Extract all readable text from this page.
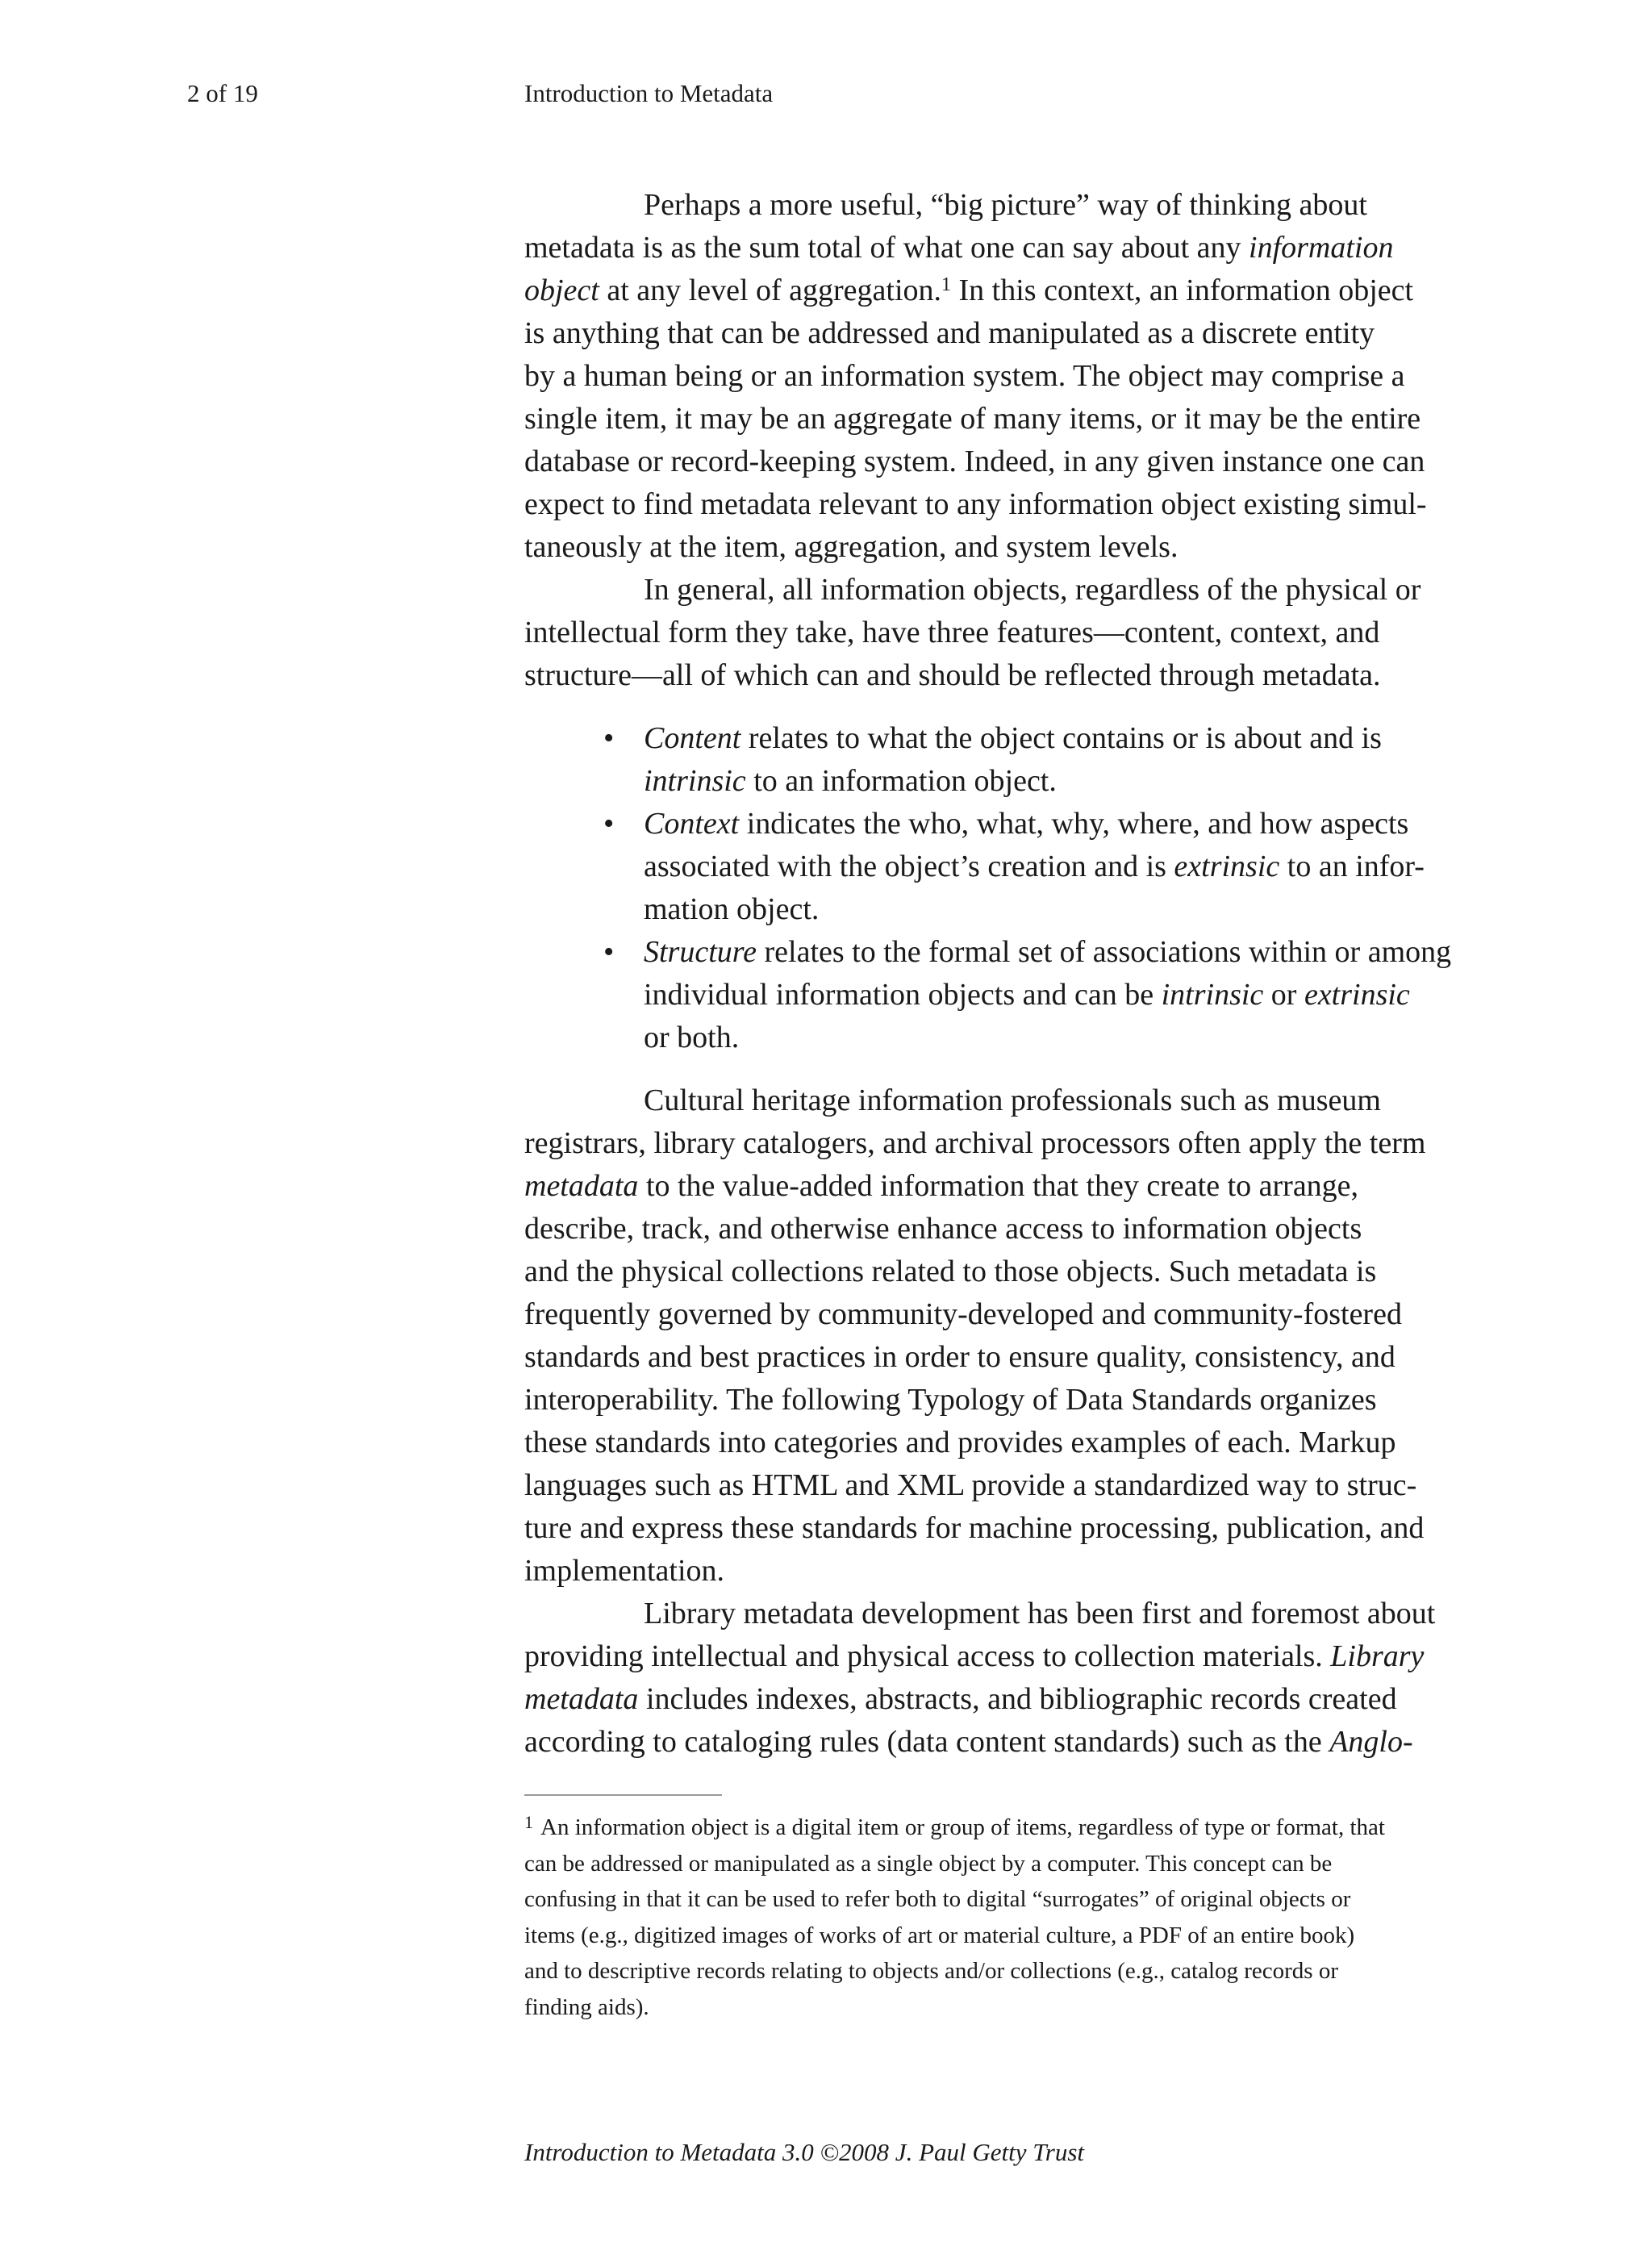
2 of 19	Introduction to Metadata

Perhaps a more useful, “big picture” way of thinking about
metadata is as the sum total of what one can say about any information
object at any level of aggregation.$^1$ In this context, an information object
is anything that can be addressed and manipulated as a discrete entity
by a human being or an information system. The object may comprise a
single item, it may be an aggregate of many items, or it may be the entire
database or record-keeping system. Indeed, in any given instance one can
expect to find metadata relevant to any information object existing simul-
taneously at the item, aggregation, and system levels.

In general, all information objects, regardless of the physical or
intellectual form they take, have three features—content, context, and
structure—all of which can and should be reflected through metadata.

• Content relates to what the object contains or is about and is
intrinsic to an information object.
• Context indicates the who, what, why, where, and how aspects
associated with the object’s creation and is extrinsic to an infor-
mation object.
• Structure relates to the formal set of associations within or among
individual information objects and can be intrinsic or extrinsic
or both.

Cultural heritage information professionals such as museum
registrars, library catalogers, and archival processors often apply the term
metadata to the value-added information that they create to arrange,
describe, track, and otherwise enhance access to information objects
and the physical collections related to those objects. Such metadata is
frequently governed by community-developed and community-fostered
standards and best practices in order to ensure quality, consistency, and
interoperability. The following Typology of Data Standards organizes
these standards into categories and provides examples of each. Markup
languages such as HTML and XML provide a standardized way to struc-
ture and express these standards for machine processing, publication, and
implementation.

Library metadata development has been first and foremost about
providing intellectual and physical access to collection materials. Library
metadata includes indexes, abstracts, and bibliographic records created
according to cataloging rules (data content standards) such as the Anglo-

1 An information object is a digital item or group of items, regardless of type or format, that
can be addressed or manipulated as a single object by a computer. This concept can be
confusing in that it can be used to refer both to digital “surrogates” of original objects or
items (e.g., digitized images of works of art or material culture, a PDF of an entire book)
and to descriptive records relating to objects and/or collections (e.g., catalog records or
finding aids).
Introduction to Metadata 3.0 ©2008 J. Paul Getty Trust
